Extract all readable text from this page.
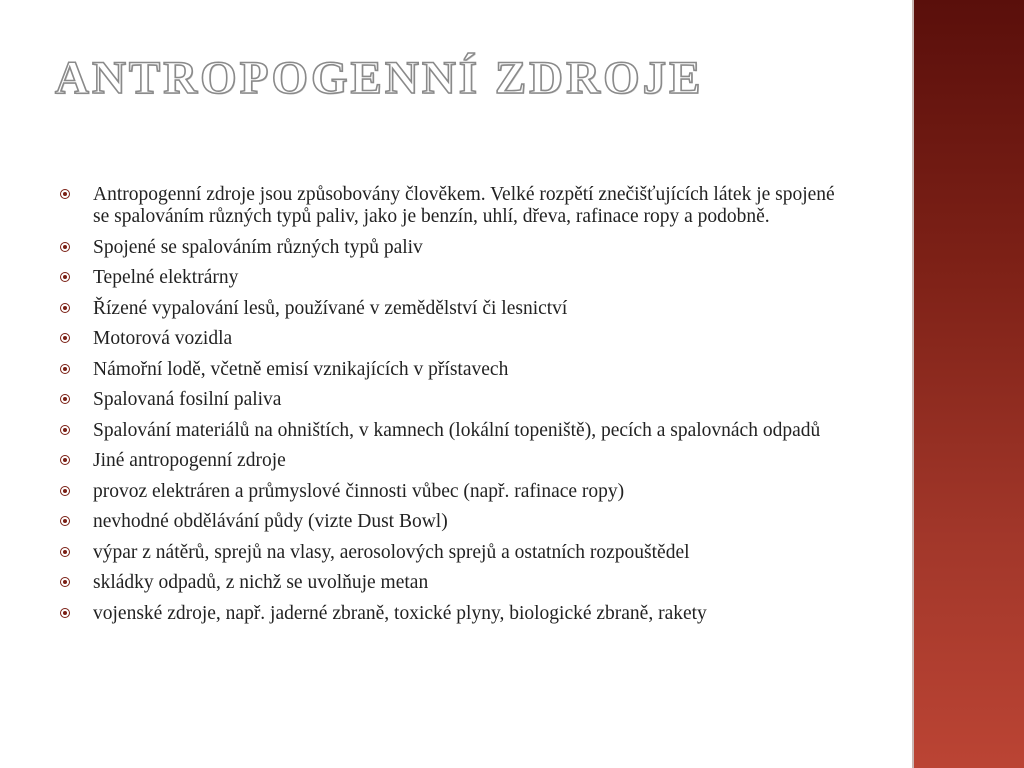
ANTROPOGENNÍ ZDROJE
Antropogenní zdroje jsou způsobovány člověkem. Velké rozpětí znečišťujících látek je spojené se spalováním různých typů paliv, jako je benzín, uhlí, dřeva, rafinace ropy a podobně.
Spojené se spalováním různých typů paliv
Tepelné elektrárny
Řízené vypalování lesů, používané v zemědělství či lesnictví
Motorová vozidla
Námořní lodě, včetně emisí vznikajících v přístavech
Spalovaná fosilní paliva
Spalování materiálů na ohništích, v kamnech (lokální topeniště), pecích a spalovnách odpadů
Jiné antropogenní zdroje
provoz elektráren a průmyslové činnosti vůbec (např. rafinace ropy)
nevhodné obdělávání půdy (vizte Dust Bowl)
výpar z nátěrů, sprejů na vlasy, aerosolových sprejů a ostatních rozpouštědel
skládky odpadů, z nichž se uvolňuje metan
vojenské zdroje, např. jaderné zbraně, toxické plyny, biologické zbraně, rakety
